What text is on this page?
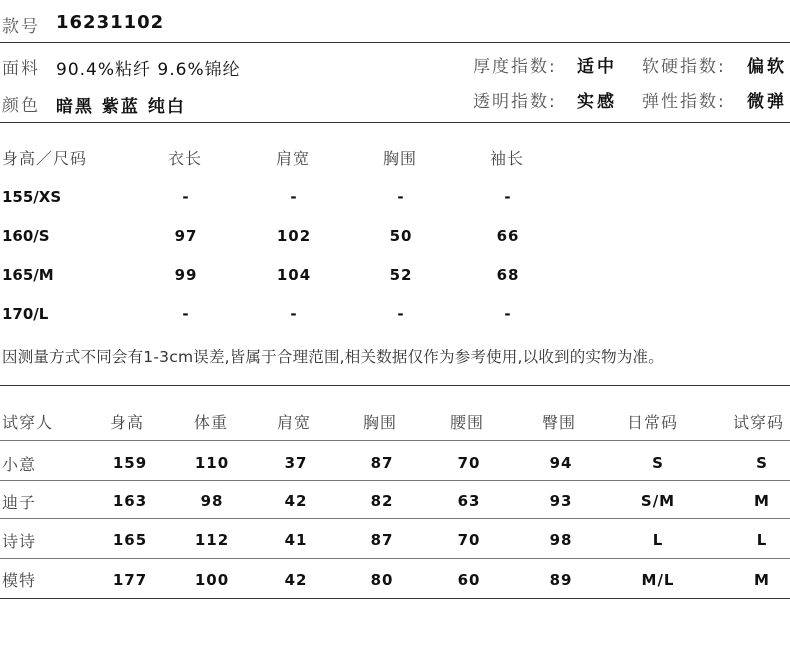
款号 16231102
面料 90.4%粘纤 9.6%锦纶
颜色 暗黑 紫蓝 纯白
厚度指数: 适中 软硬指数: 偏软
透明指数: 实感 弹性指数: 微弹
身高／尺码	衣长	肩宽	胸围	袖长
155/XS	-	-	-	-
160/S	97	102	50	66
165/M	99	104	52	68
170/L	-	-	-	-
因测量方式不同会有1-3cm误差,皆属于合理范围,相关数据仅作为参考使用,以收到的实物为准。
试穿人	身高	体重	肩宽	胸围	腰围	臀围	日常码	试穿码
小意	159	110	37	87	70	94	S	S
迪子	163	98	42	82	63	93	S/M	M
诗诗	165	112	41	87	70	98	L	L
模特	177	100	42	80	60	89	M/L	M
